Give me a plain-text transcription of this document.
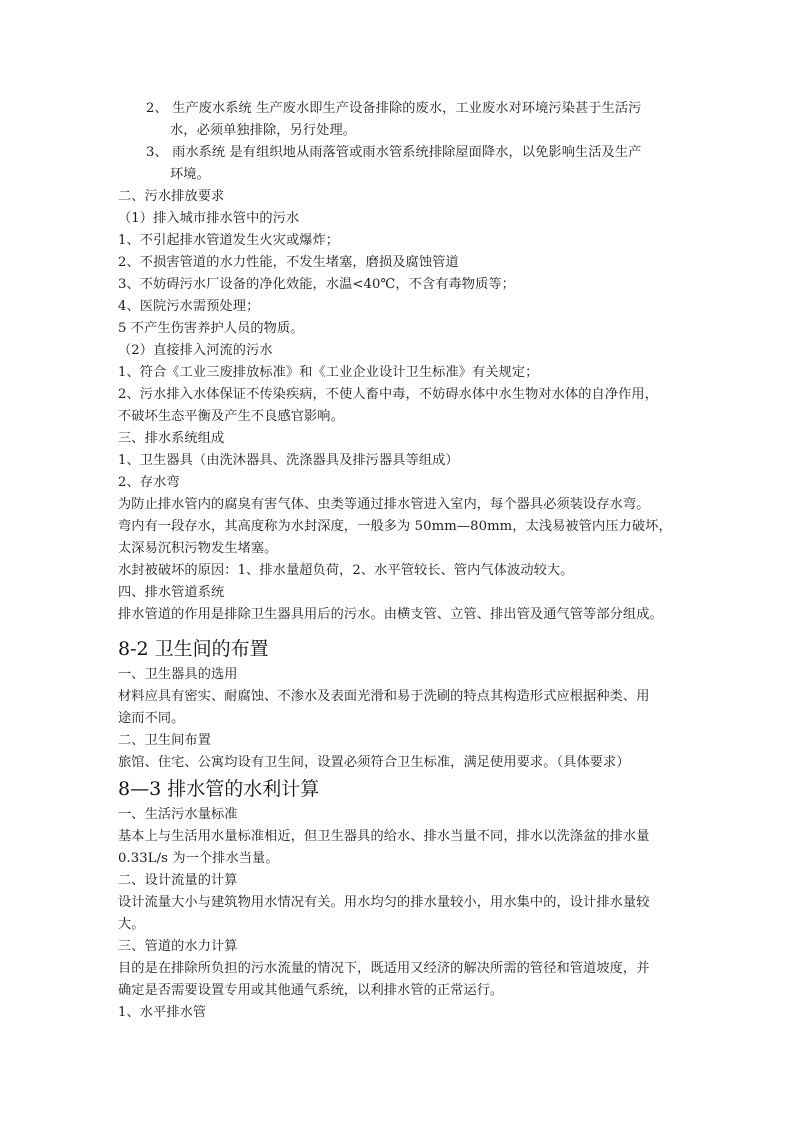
2、 生产废水系统 生产废水即生产设备排除的废水，工业废水对环境污染甚于生活污
水，必须单独排除，另行处理。
3、 雨水系统 是有组织地从雨落管或雨水管系统排除屋面降水，以免影响生活及生产
环境。
二、污水排放要求
（1）排入城市排水管中的污水
1、不引起排水管道发生火灾或爆炸；
2、不损害管道的水力性能，不发生堵塞，磨损及腐蚀管道
3、不妨碍污水厂设备的净化效能，水温<40℃，不含有毒物质等；
4、医院污水需预处理；
5 不产生伤害养护人员的物质。
（2）直接排入河流的污水
1、符合《工业三废排放标准》和《工业企业设计卫生标准》有关规定；
2、污水排入水体保证不传染疾病，不使人畜中毒，不妨碍水体中水生物对水体的自净作用，
不破坏生态平衡及产生不良感官影响。
三、排水系统组成
1、卫生器具（由洗沐器具、洗涤器具及排污器具等组成）
2、存水弯
为防止排水管内的腐臭有害气体、虫类等通过排水管进入室内，每个器具必须装设存水弯。
弯内有一段存水，其高度称为水封深度，一般多为 50mm—80mm，太浅易被管内压力破坏，
太深易沉积污物发生堵塞。
水封被破坏的原因：1、排水量超负荷，2、水平管较长、管内气体波动较大。
四、排水管道系统
排水管道的作用是排除卫生器具用后的污水。由横支管、立管、排出管及通气管等部分组成。
8-2 卫生间的布置
一、卫生器具的选用
材料应具有密实、耐腐蚀、不渗水及表面光滑和易于洗刷的特点其构造形式应根据种类、用
途而不同。
二、卫生间布置
旅馆、住宅、公寓均设有卫生间，设置必须符合卫生标准，满足使用要求。（具体要求）
8—3 排水管的水利计算
一、生活污水量标准
基本上与生活用水量标准相近，但卫生器具的给水、排水当量不同，排水以洗涤盆的排水量
0.33L/s 为一个排水当量。
二、设计流量的计算
设计流量大小与建筑物用水情况有关。用水均匀的排水量较小，用水集中的，设计排水量较
大。
三、管道的水力计算
目的是在排除所负担的污水流量的情况下，既适用又经济的解决所需的管径和管道坡度，并
确定是否需要设置专用或其他通气系统，以利排水管的正常运行。
1、水平排水管
